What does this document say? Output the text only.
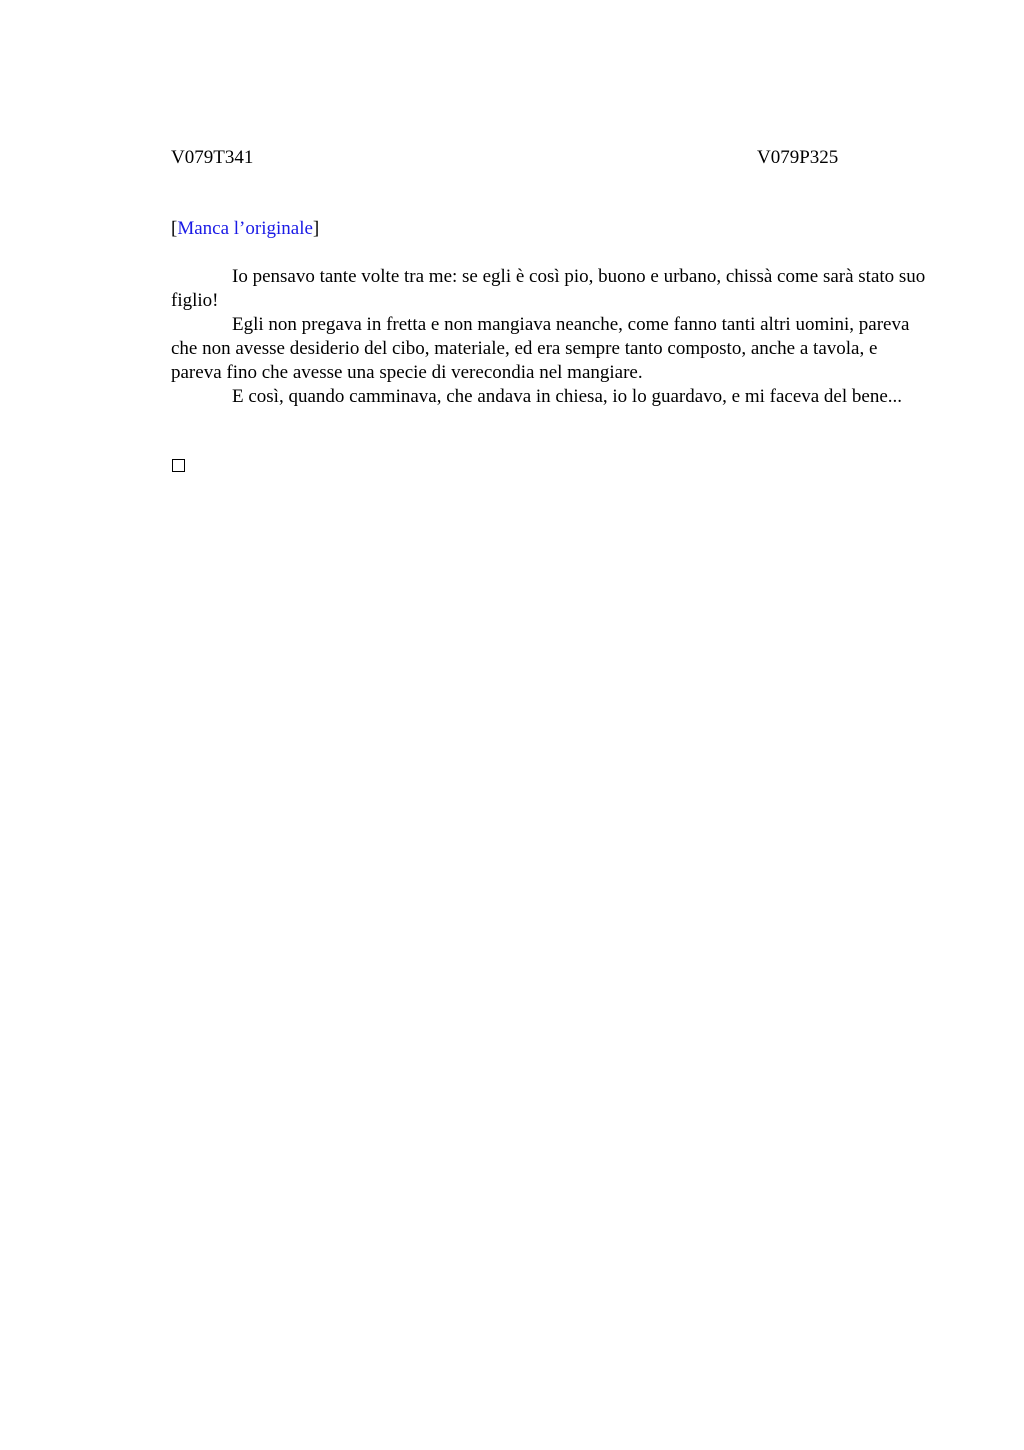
V079T341	V079P325
[Manca l’originale]

Io pensavo tante volte tra me: se egli è così pio, buono e urbano, chissà come sarà stato suo figlio!

Egli non pregava in fretta e non mangiava neanche, come fanno tanti altri uomini, pareva che non avesse desiderio del cibo, materiale, ed era sempre tanto composto, anche a tavola, e pareva fino che avesse una specie di verecondia nel mangiare.

E così, quando camminava, che andava in chiesa, io lo guardavo, e mi faceva del bene...
